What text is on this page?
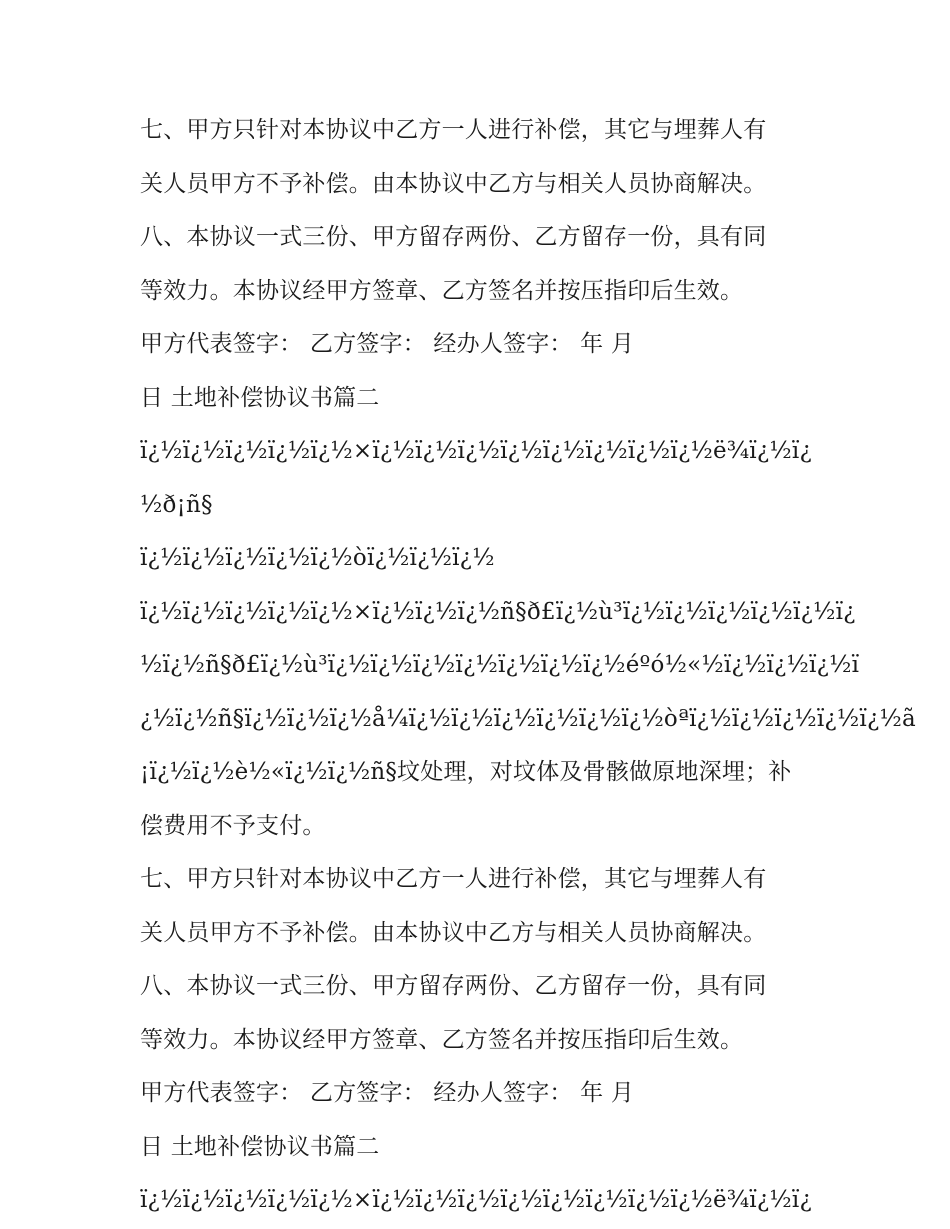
七、甲方只针对本协议中乙方一人进行补偿，其它与埋葬人有
关人员甲方不予补偿。由本协议中乙方与相关人员协商解决。
八、本协议一式三份、甲方留存两份、乙方留存一份，具有同
等效力。本协议经甲方签章、乙方签名并按压指印后生效。
甲方代表签字： 乙方签字： 经办人签字： 年 月
日 土地补偿协议书篇二
ï¿½ï¿½ï¿½ï¿½ï¿½×ï¿½ï¿½ï¿½ï¿½ï¿½ï¿½ï¿½ï¿½ë¾ï¿½ï¿
½ð¡ñ§
ï¿½ï¿½ï¿½ï¿½ï¿½òï¿½ï¿½ï¿½
ï¿½ï¿½ï¿½ï¿½ï¿½×ï¿½ï¿½ï¿½ñ§ð£ï¿½ù³ï¿½ï¿½ï¿½ï¿½ï¿½ï¿
½ï¿½ñ§ð£ï¿½ù³ï¿½ï¿½ï¿½ï¿½ï¿½ï¿½ï¿½éºó½«½ï¿½ï¿½ï¿½ï
¿½ï¿½ñ§ï¿½ï¿½ï¿½å¼ï¿½ï¿½ï¿½ï¿½ï¿½ï¿½òªï¿½ï¿½ï¿½ï¿½ï¿½ã
¡ï¿½ï¿½è½«ï¿½ï¿½ñ§坟处理，对坟体及骨骸做原地深埋；补
偿费用不予支付。
七、甲方只针对本协议中乙方一人进行补偿，其它与埋葬人有
关人员甲方不予补偿。由本协议中乙方与相关人员协商解决。
八、本协议一式三份、甲方留存两份、乙方留存一份，具有同
等效力。本协议经甲方签章、乙方签名并按压指印后生效。
甲方代表签字： 乙方签字： 经办人签字： 年 月
日 土地补偿协议书篇二
ï¿½ï¿½ï¿½ï¿½ï¿½×ï¿½ï¿½ï¿½ï¿½ï¿½ï¿½ï¿½ï¿½ë¾ï¿½ï¿
